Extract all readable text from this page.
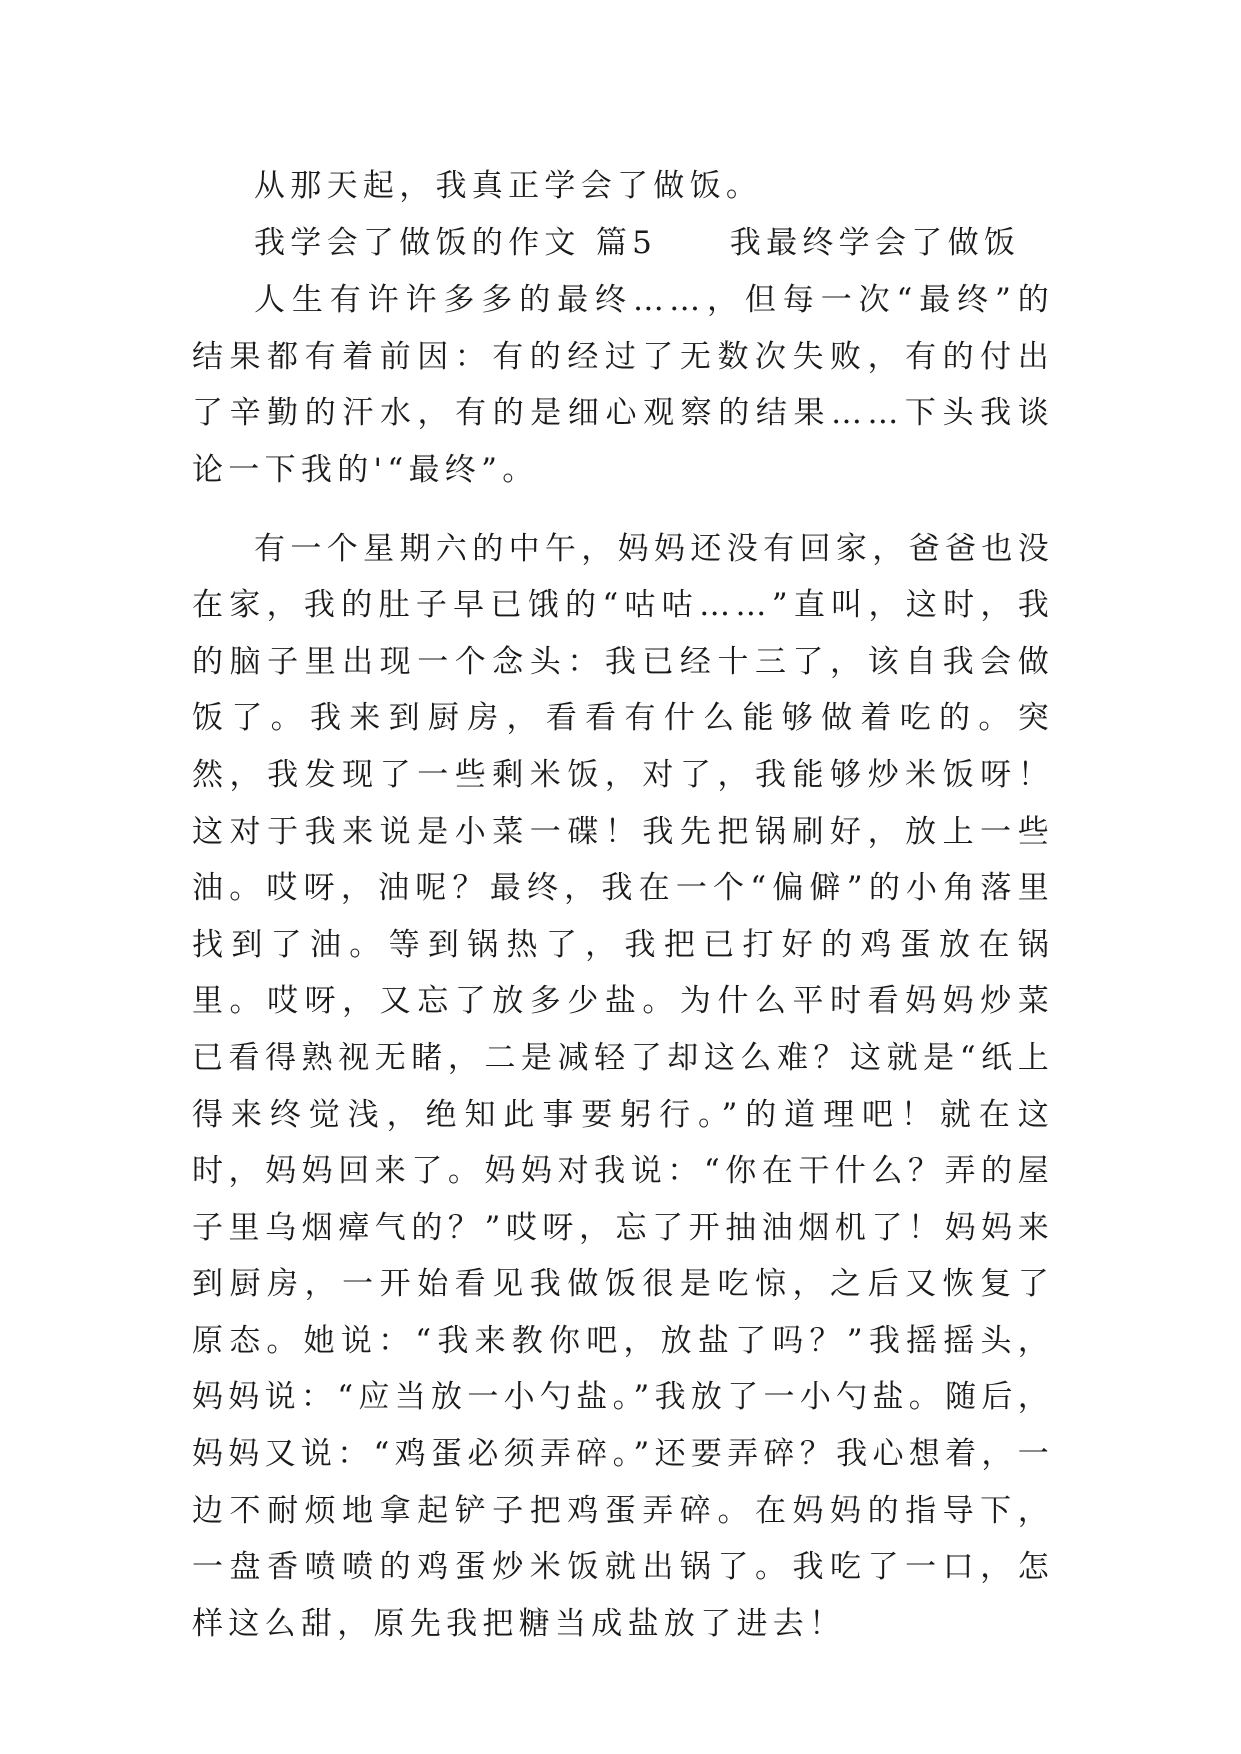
从那天起，我真正学会了做饭。

我学会了做饭的作文 篇5　　我最终学会了做饭

人生有许许多多的最终……，但每一次“最终”的结果都有着前因：有的经过了无数次失败，有的付出了辛勤的汗水，有的是细心观察的结果……下头我谈论一下我的'“最终”。

有一个星期六的中午，妈妈还没有回家，爸爸也没在家，我的肚子早已饿的“咕咕……”直叫，这时，我的脑子里出现一个念头：我已经十三了，该自我会做饭了。我来到厨房，看看有什么能够做着吃的。突然，我发现了一些剩米饭，对了，我能够炒米饭呀！这对于我来说是小菜一碟！我先把锅刷好，放上一些油。哎呀，油呢？最终，我在一个“偏僻”的小角落里找到了油。等到锅热了，我把已打好的鸡蛋放在锅里。哎呀，又忘了放多少盐。为什么平时看妈妈炒菜已看得熟视无睹，二是减轻了却这么难？这就是“纸上得来终觉浅，绝知此事要躬行。”的道理吧！就在这时，妈妈回来了。妈妈对我说：“你在干什么？弄的屋子里乌烟瘴气的？”哎呀，忘了开抽油烟机了！妈妈来到厨房，一开始看见我做饭很是吃惊，之后又恢复了原态。她说：“我来教你吧，放盐了吗？”我摇摇头，妈妈说：“应当放一小勺盐。”我放了一小勺盐。随后，妈妈又说：“鸡蛋必须弄碎。”还要弄碎？我心想着，一边不耐烦地拿起铲子把鸡蛋弄碎。在妈妈的指导下，一盘香喷喷的鸡蛋炒米饭就出锅了。我吃了一口，怎样这么甜，原先我把糖当成盐放了进去！
